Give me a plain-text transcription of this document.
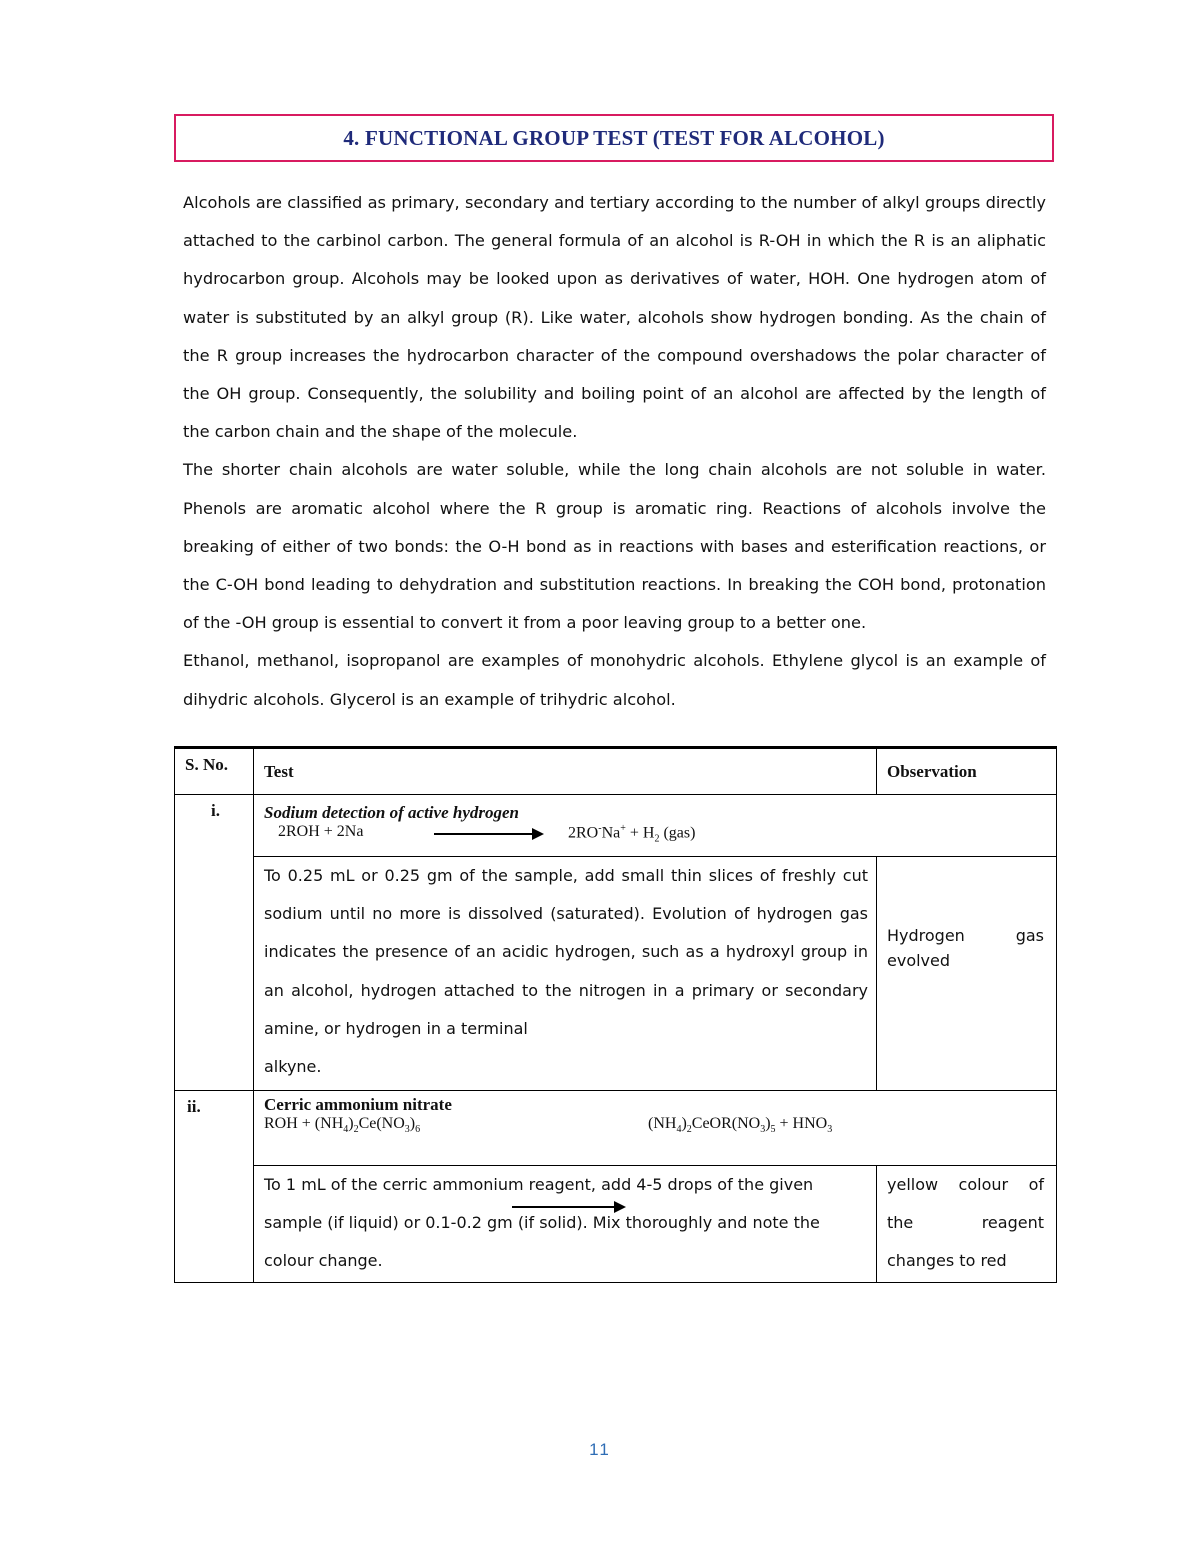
4. FUNCTIONAL GROUP TEST (TEST FOR ALCOHOL)

Alcohols are classified as primary, secondary and tertiary according to the number of alkyl groups directly attached to the carbinol carbon. The general formula of an alcohol is R-OH in which the R is an aliphatic hydrocarbon group. Alcohols may be looked upon as derivatives of water, HOH. One hydrogen atom of water is substituted by an alkyl group (R). Like water, alcohols show hydrogen bonding. As the chain of the R group increases the hydrocarbon character of the compound overshadows the polar character of the OH group. Consequently, the solubility and boiling point of an alcohol are affected by the length of the carbon chain and the shape of the molecule.

The shorter chain alcohols are water soluble, while the long chain alcohols are not soluble in water. Phenols are aromatic alcohol where the R group is aromatic ring. Reactions of alcohols involve the breaking of either of two bonds: the O-H bond as in reactions with bases and esterification reactions, or the C-OH bond leading to dehydration and substitution reactions. In breaking the COH bond, protonation of the -OH group is essential to convert it from a poor leaving group to a better one.

Ethanol, methanol, isopropanol are examples of monohydric alcohols. Ethylene glycol is an example of dihydric alcohols. Glycerol is an example of trihydric alcohol.

S. No.	Test	Observation
i.	Sodium detection of active hydrogen
2ROH + 2Na $2RO^-Na^+ + H_2$ (gas)	

	To 0.25 mL or 0.25 gm of the sample, add small thin slices of freshly cut sodium until no more is dissolved (saturated). Evolution of hydrogen gas indicates the presence of an acidic hydrogen, such as a hydroxyl group in an alcohol, hydrogen attached to the nitrogen in a primary or secondary amine, or hydrogen in a terminal
alkyne.	Hydrogen gas evolved

ii.	Cerric ammonium nitrate
ROH + $(NH_4)_2Ce(NO_3)_6$ $(NH_4)_2CeOR(NO_3)_5 + HNO_3$

	To 1 mL of the cerric ammonium reagent, add 4-5 drops of the given sample (if liquid) or 0.1-0.2 gm (if solid). Mix thoroughly and note the colour change.	yellow colour of the reagent changes to red
11
